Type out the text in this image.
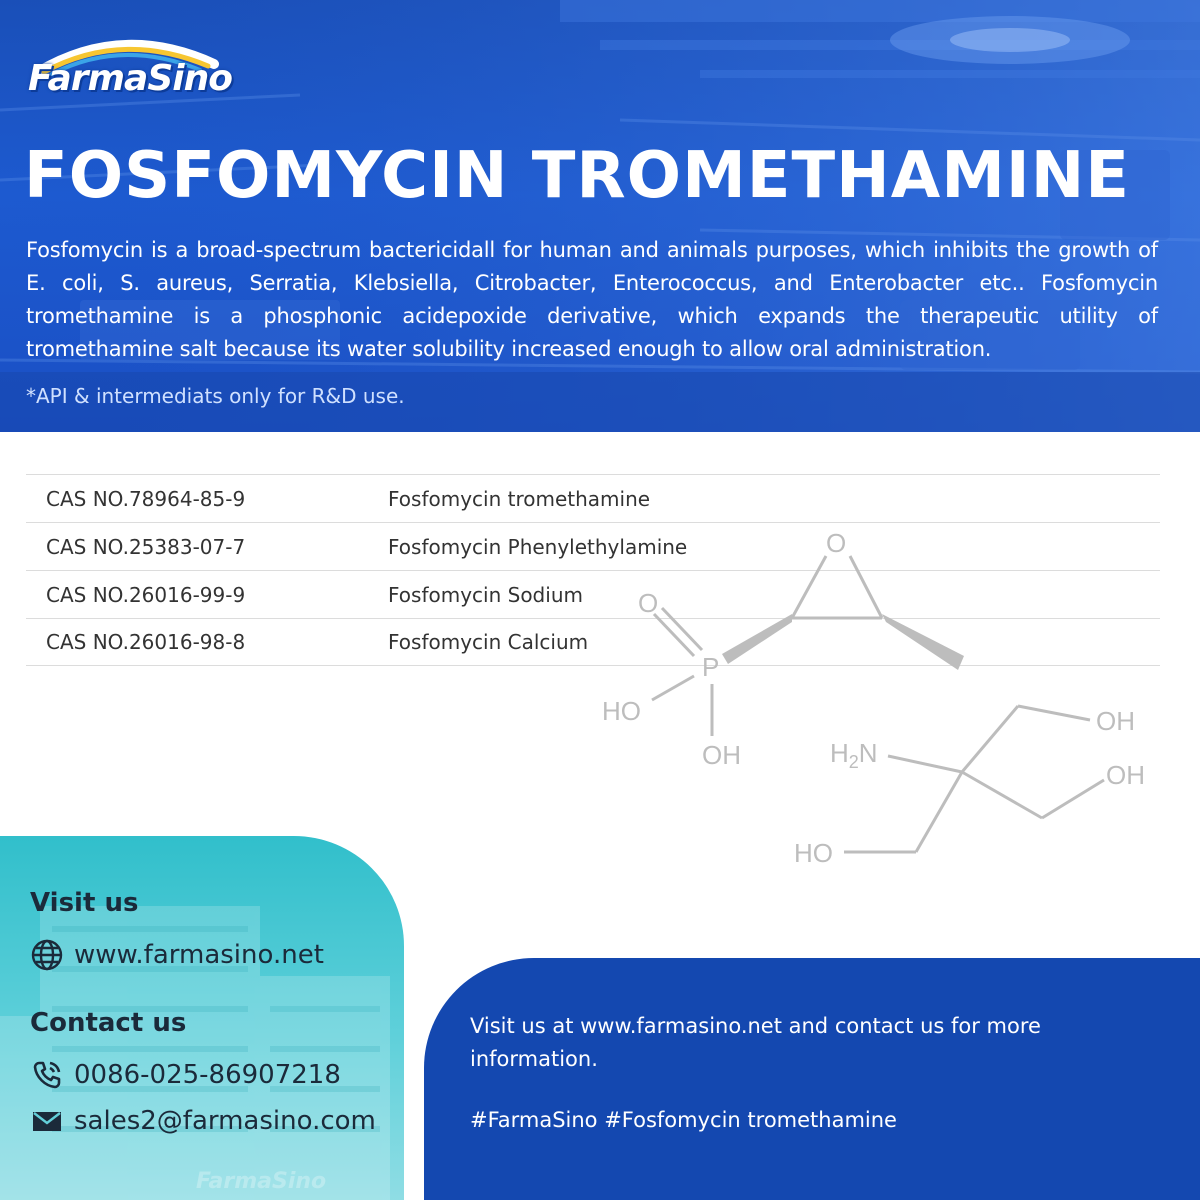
FarmaSino
FOSFOMYCIN TROMETHAMINE

Fosfomycin is a broad-spectrum bactericidall for human and animals purposes, which inhibits the growth of E. coli, S. aureus, Serratia, Klebsiella, Citrobacter, Enterococcus, and Enterobacter etc.. Fosfomycin tromethamine is a phosphonic acidepoxide derivative, which expands the therapeutic utility of tromethamine salt because its water solubility increased enough to allow oral administration.

*API & intermediats only for R&D use.

CAS NO.78964-85-9	Fosfomycin tromethamine
CAS NO.25383-07-7	Fosfomycin Phenylethylamine
CAS NO.26016-99-9	Fosfomycin Sodium
CAS NO.26016-98-8	Fosfomycin Calcium
O
O
P
HO
OH	$H_2N$
OH
OH
HO
FarmaSino
Visit us
www.farmasino.net
Contact us
0086-025-86907218
sales2@farmasino.com

Visit us at www.farmasino.net and contact us for more information.

#FarmaSino #Fosfomycin tromethamine
